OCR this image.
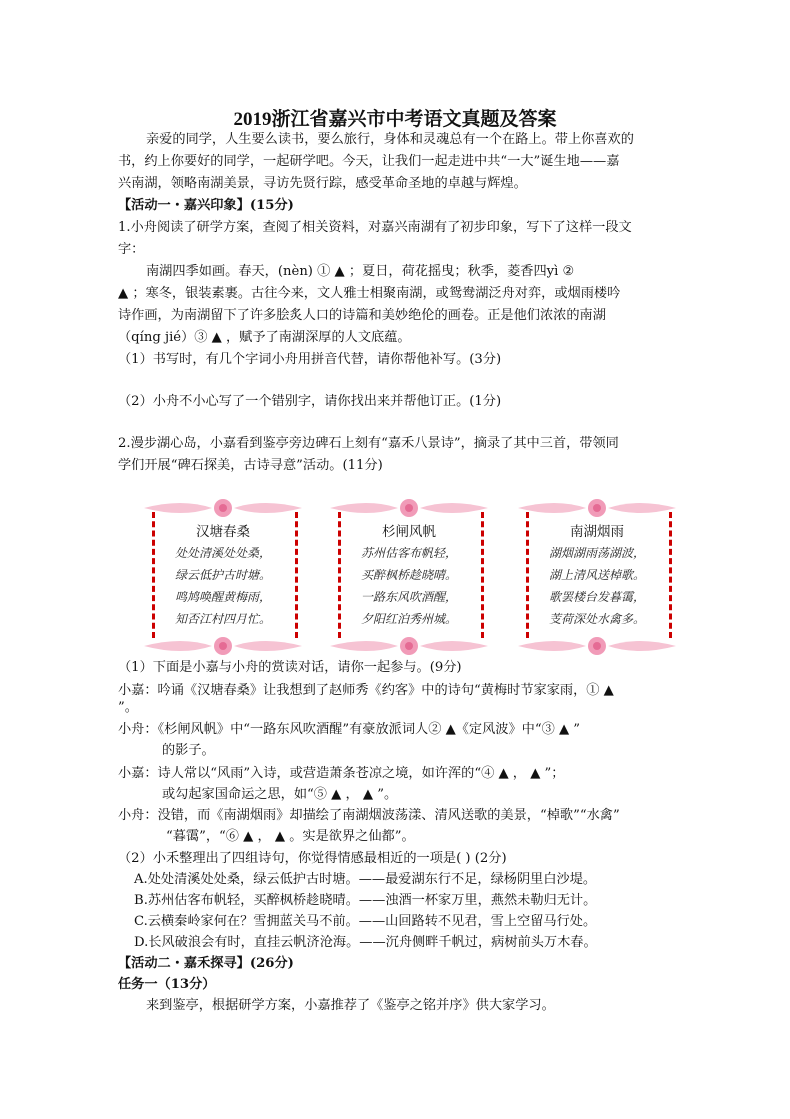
2019浙江省嘉兴市中考语文真题及答案
亲爱的同学，人生要么读书，要么旅行，身体和灵魂总有一个在路上。带上你喜欢的
书，约上你要好的同学，一起研学吧。今天，让我们一起走进中共“一大”诞生地——嘉
兴南湖，领略南湖美景，寻访先贤行踪，感受革命圣地的卓越与辉煌。
【活动一・嘉兴印象】(15分)
1.小舟阅读了研学方案，查阅了相关资料，对嘉兴南湖有了初步印象，写下了这样一段文
字：
南湖四季如画。春天，(nèn) ① ▲ ；夏日，荷花摇曳；秋季，菱香四yì ②
▲ ；寒冬，银装素裹。古往今来，文人雅士相聚南湖，或鸳鸯湖泛舟对弈，或烟雨楼吟
诗作画，为南湖留下了许多脍炙人口的诗篇和美妙绝伦的画卷。正是他们浓浓的南湖
（qíng jié）③ ▲ ，赋予了南湖深厚的人文底蕴。
（1）书写时，有几个字词小舟用拼音代替，请你帮他补写。(3分)
（2）小舟不小心写了一个错别字，请你找出来并帮他订正。(1分)
2.漫步湖心岛，小嘉看到鉴亭旁边碑石上刻有“嘉禾八景诗”，摘录了其中三首，带领同
学们开展“碑石探美，古诗寻意”活动。(11分)
汉塘春桑
处处清溪处处桑，
绿云低护古时塘。
鸣鸠唤醒黄梅雨，
知否江村四月忙。
杉闸风帆
苏州估客布帆轻，
买醉枫桥趁晓晴。
一路东风吹酒醒，
夕阳红泊秀州城。
南湖烟雨
湖烟湖雨荡湖波，
湖上清风送棹歌。
歌罢楼台发暮霭，
芰荷深处水禽多。
（1）下面是小嘉与小舟的赏读对话，请你一起参与。(9分)
小嘉：吟诵《汉塘春桑》让我想到了赵师秀《约客》中的诗句“黄梅时节家家雨，① ▲
”。
小舟：《杉闸风帆》中“一路东风吹酒醒”有豪放派词人② ▲《定风波》中“③ ▲ ”
的影子。
小嘉：诗人常以“风雨”入诗，或营造萧条苍凉之境，如许浑的“④ ▲ ， ▲ ”；
或勾起家国命运之思，如“⑤ ▲ ， ▲ ”。
小舟：没错，而《南湖烟雨》却描绘了南湖烟波荡漾、清风送歌的美景，“棹歌”“水禽”
“暮霭”，“⑥ ▲ ， ▲ 。实是欲界之仙都”。
（2）小禾整理出了四组诗句，你觉得情感最相近的一项是( ) (2分)
A.处处清溪处处桑，绿云低护古时塘。——最爱湖东行不足，绿杨阴里白沙堤。
B.苏州估客布帆轻，买醉枫桥趁晓晴。——浊酒一杯家万里，燕然未勒归无计。
C.云横秦岭家何在？雪拥蓝关马不前。——山回路转不见君，雪上空留马行处。
D.长风破浪会有时，直挂云帆济沧海。——沉舟侧畔千帆过，病树前头万木春。
【活动二・嘉禾探寻】(26分)
任务一（13分）
来到鉴亭，根据研学方案，小嘉推荐了《鉴亭之铭并序》供大家学习。
